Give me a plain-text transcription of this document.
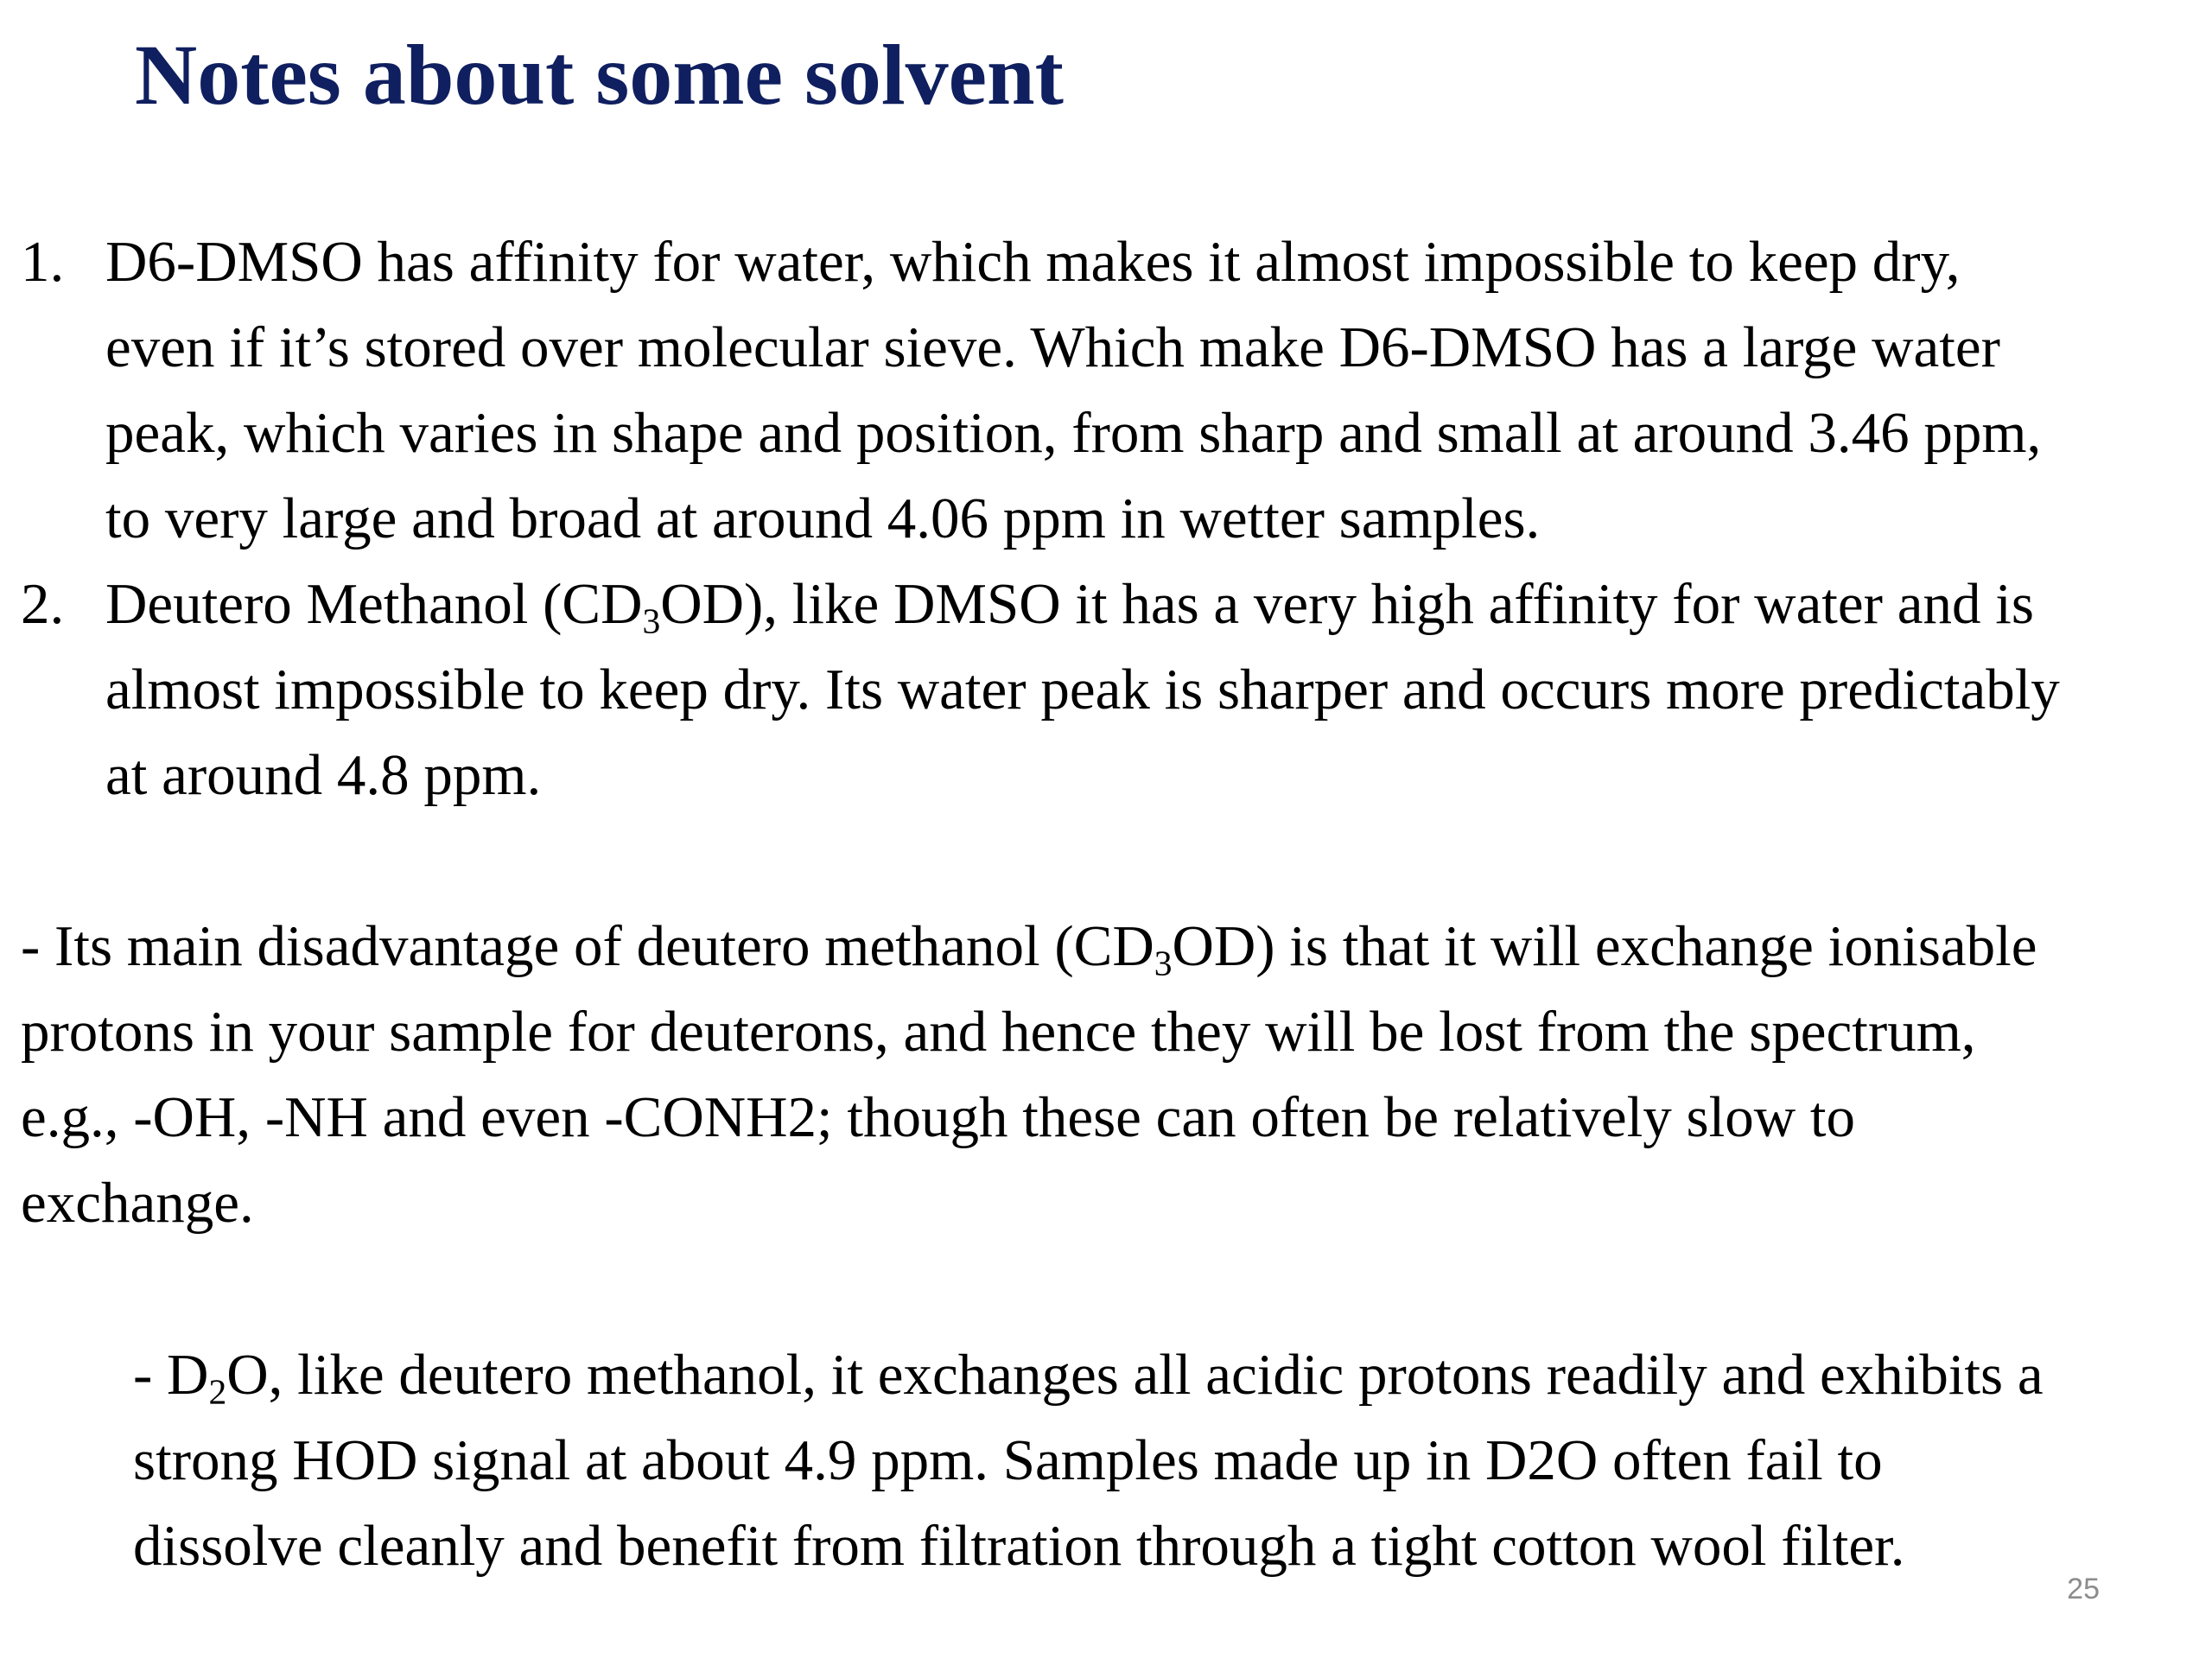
Notes about some solvent
1. D6-DMSO has affinity for water, which makes it almost impossible to keep dry,
even if it’s stored over molecular sieve. Which make D6-DMSO has a large water
peak, which varies in shape and position, from sharp and small at around 3.46 ppm,
to very large and broad at around 4.06 ppm in wetter samples.
2. Deutero Methanol $(CD_3OD)$, like DMSO it has a very high affinity for water and is
almost impossible to keep dry. Its water peak is sharper and occurs more predictably
at around 4.8 ppm.
- Its main disadvantage of deutero methanol $(CD_3OD)$ is that it will exchange ionisable
protons in your sample for deuterons, and hence they will be lost from the spectrum,
e.g., -OH, -NH and even -CONH2; though these can often be relatively slow to
exchange.
- $D_2O$, like deutero methanol, it exchanges all acidic protons readily and exhibits a
strong HOD signal at about 4.9 ppm. Samples made up in D2O often fail to
dissolve cleanly and benefit from filtration through a tight cotton wool filter.
25
